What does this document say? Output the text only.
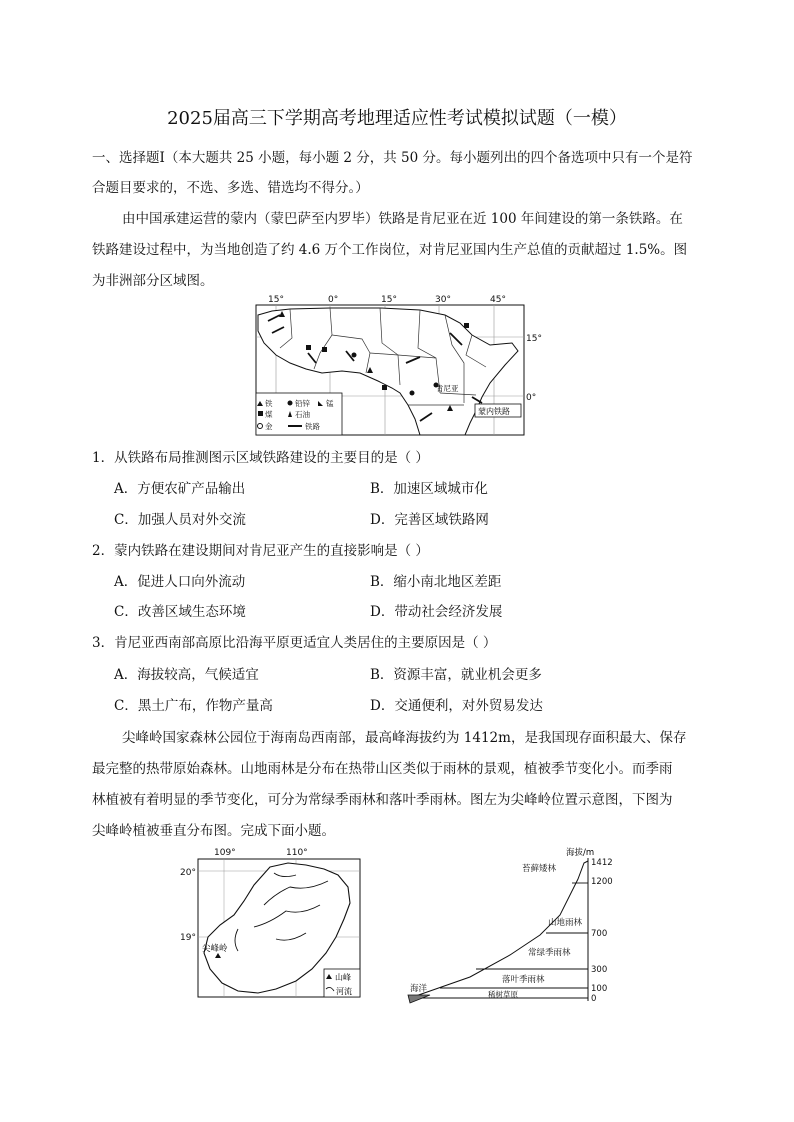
2025届高三下学期高考地理适应性考试模拟试题（一模）
一、选择题Ⅰ（本大题共 25 小题，每小题 2 分，共 50 分。每小题列出的四个备选项中只有一个是符
合题目要求的，不选、多选、错选均不得分。）
由中国承建运营的蒙内（蒙巴萨至内罗毕）铁路是肯尼亚在近 100 年间建设的第一条铁路。在
铁路建设过程中，为当地创造了约 4.6 万个工作岗位，对肯尼亚国内生产总值的贡献超过 1.5%。图
为非洲部分区域图。
15°	0°	15°	30°	45°
15°
0°
肯尼亚
蒙内铁路
铁	铅锌 锰
煤	石油
金	铁路
1．从铁路布局推测图示区域铁路建设的主要目的是（ ）
A．方便农矿产品输出	B．加速区域城市化
C．加强人员对外交流	D．完善区域铁路网
2．蒙内铁路在建设期间对肯尼亚产生的直接影响是（ ）
A．促进人口向外流动	B．缩小南北地区差距
C．改善区域生态环境	D．带动社会经济发展
3．肯尼亚西南部高原比沿海平原更适宜人类居住的主要原因是（ ）
A．海拔较高，气候适宜	B．资源丰富，就业机会更多
C．黑土广布，作物产量高	D．交通便利，对外贸易发达
尖峰岭国家森林公园位于海南岛西南部，最高峰海拔约为 1412m，是我国现存面积最大、保存
最完整的热带原始森林。山地雨林是分布在热带山区类似于雨林的景观，植被季节变化小。而季雨
林植被有着明显的季节变化，可分为常绿季雨林和落叶季雨林。图左为尖峰岭位置示意图，下图为
尖峰岭植被垂直分布图。完成下面小题。
109°	110°
20°
19°
尖峰岭
山峰
河流
海拔/m
1412
1200
700
300
100
0
苔藓矮林
山地雨林
常绿季雨林
落叶季雨林
稀树草原
海洋
